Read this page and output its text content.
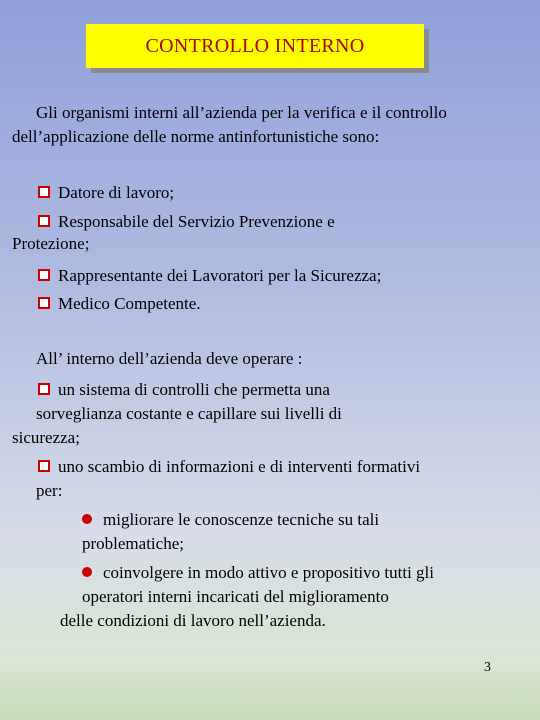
CONTROLLO INTERNO
Gli organismi interni all’azienda per la verifica e il controllo
dell’applicazione delle norme antinfortunistiche sono:
Datore di lavoro;
Responsabile del Servizio Prevenzione e
Protezione;
Rappresentante dei Lavoratori per la Sicurezza;
Medico Competente.
All’ interno dell’azienda deve operare :
un sistema di controlli che permetta una
sorveglianza costante e capillare sui livelli di
sicurezza;
uno scambio di informazioni e di interventi formativi
per:
migliorare le conoscenze tecniche su tali
problematiche;
coinvolgere in modo attivo e propositivo tutti gli
operatori interni incaricati del miglioramento
delle condizioni di lavoro nell’azienda.
3
